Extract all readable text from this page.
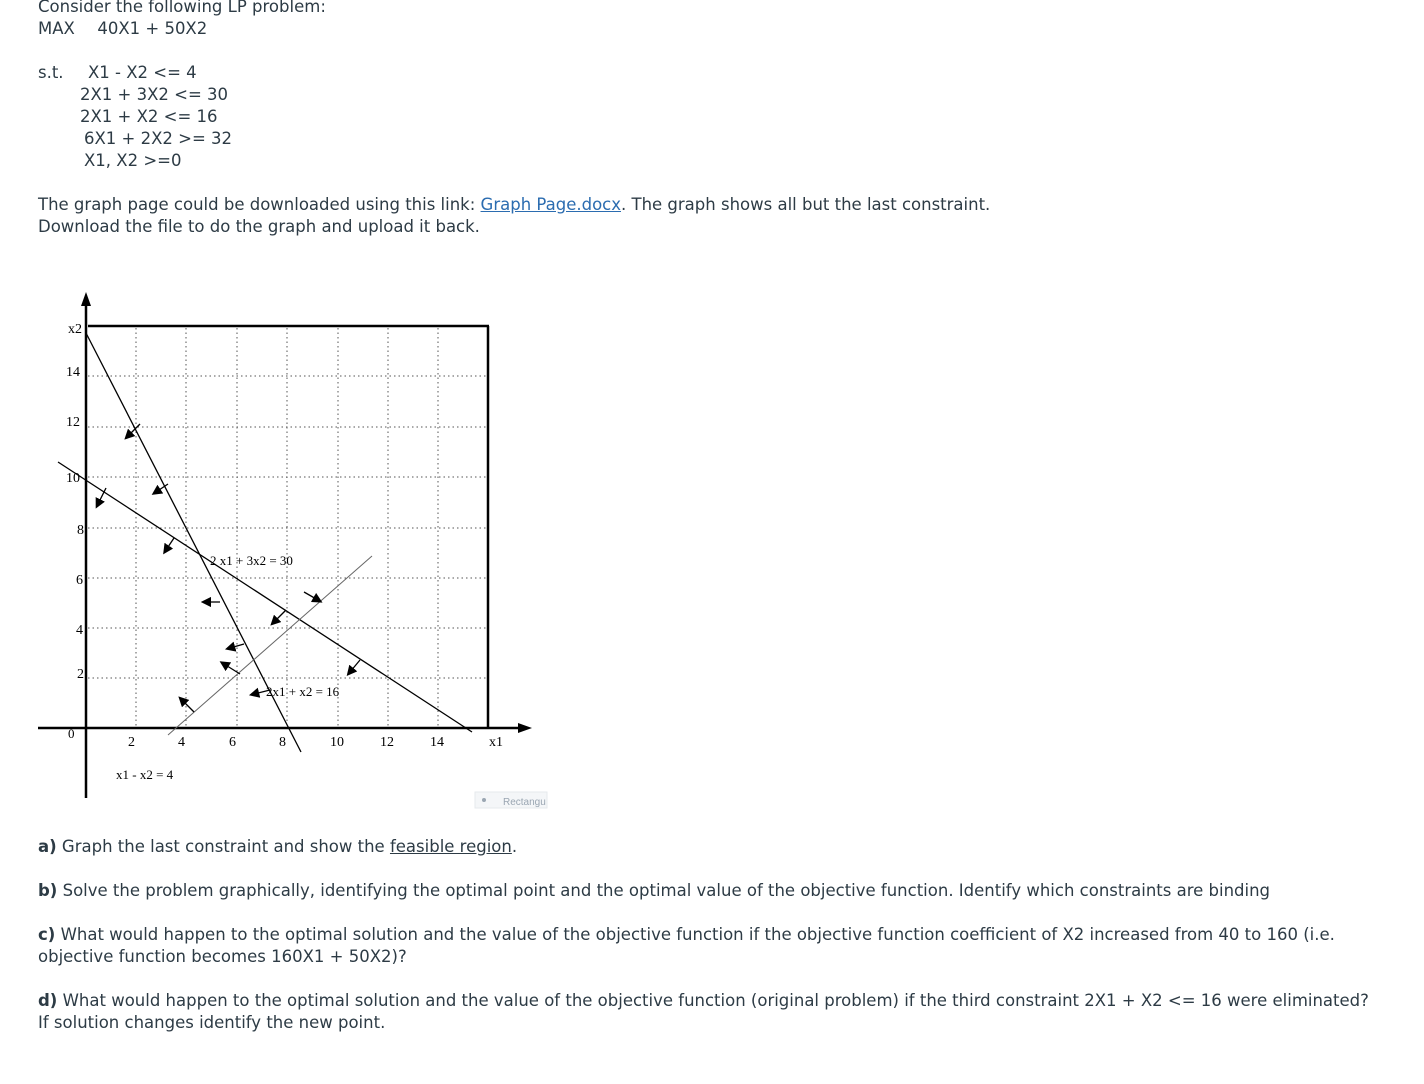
Consider the following LP problem:
MAX 40X1 + 50X2
s.t. X1 - X2 <= 4
2X1 + 3X2 <= 30
2X1 + X2 <= 16
6X1 + 2X2 >= 32
X1, X2 >=0
The graph page could be downloaded using this link: Graph Page.docx. The graph shows all but the last constraint.
Download the file to do the graph and upload it back.
14
12
10
8
6
4
2
0
x2
2	4	6	8	10	12	14	x1
2 x1 + 3x2 = 30
2x1 + x2 = 16
x1 - x2 = 4
Rectangu
a) Graph the last constraint and show the feasible region.
b) Solve the problem graphically, identifying the optimal point and the optimal value of the objective function. Identify which constraints are binding
c) What would happen to the optimal solution and the value of the objective function if the objective function coefficient of X2 increased from 40 to 160 (i.e. objective function becomes 160X1 + 50X2)?
d) What would happen to the optimal solution and the value of the objective function (original problem) if the third constraint 2X1 + X2 <= 16 were eliminated? If solution changes identify the new point.
